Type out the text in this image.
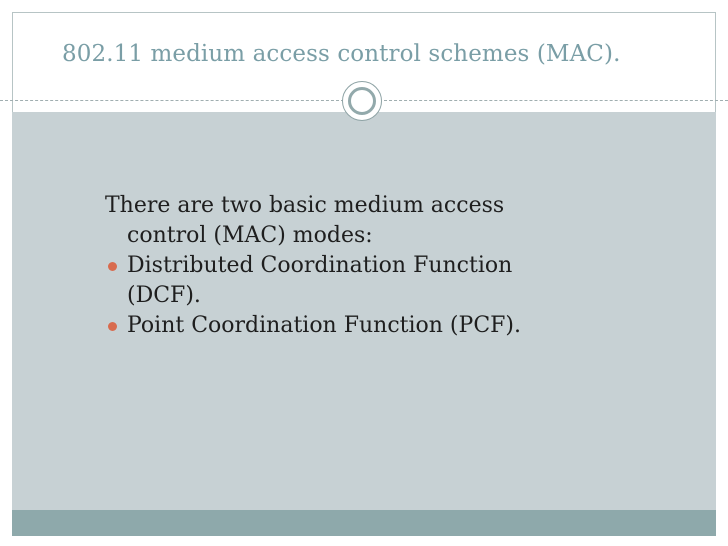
802.11 medium access control schemes (MAC).

There are two basic medium access control (MAC) modes:

Distributed Coordination Function (DCF).
Point Coordination Function (PCF).
